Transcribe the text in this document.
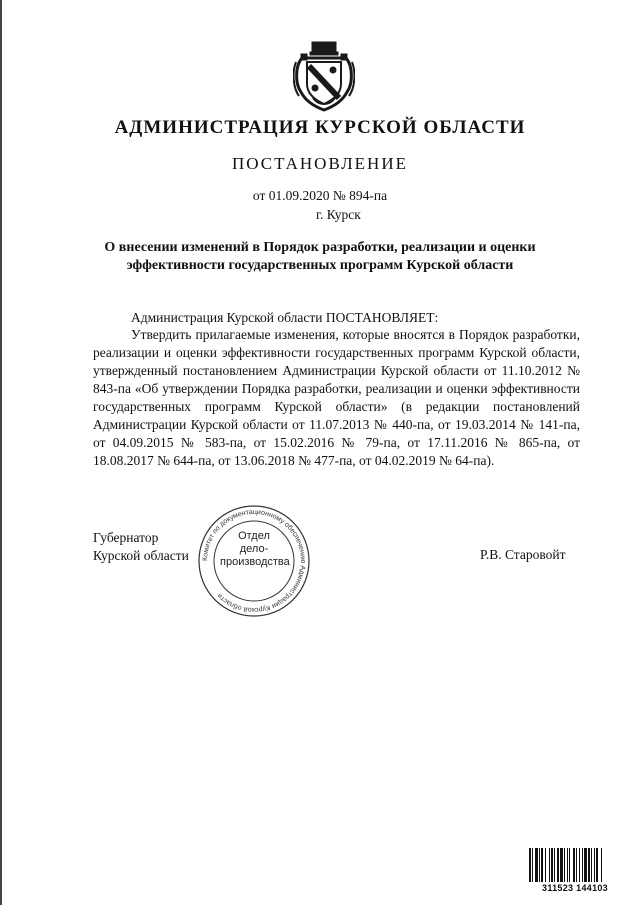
АДМИНИСТРАЦИЯ КУРСКОЙ ОБЛАСТИ
ПОСТАНОВЛЕНИЕ
от 01.09.2020 № 894-па
г. Курск
О внесении изменений в Порядок разработки, реализации и оценки
эффективности государственных программ Курской области
Администрация Курской области ПОСТАНОВЛЯЕТ:
Утвердить прилагаемые изменения, которые вносятся в Порядок разработки, реализации и оценки эффективности государственных программ Курской области, утвержденный постановлением Администрации Курской области от 11.10.2012 № 843-па «Об утверждении Порядка разработки, реализации и оценки эффективности государственных программ Курской области» (в редакции постановлений Администрации Курской области от 11.07.2013 № 440-па, от 19.03.2014 № 141-па, от 04.09.2015 № 583-па, от 15.02.2016 № 79-па, от 17.11.2016 № 865-па, от 18.08.2017 № 644-па, от 13.06.2018 № 477-па, от 04.02.2019 № 64-па).
Губернатор
Курской области	Р.В. Старовойт
Комитет по документационному обеспечению Администрации Курской области
Отдел
дело-
производства
311523 144103
